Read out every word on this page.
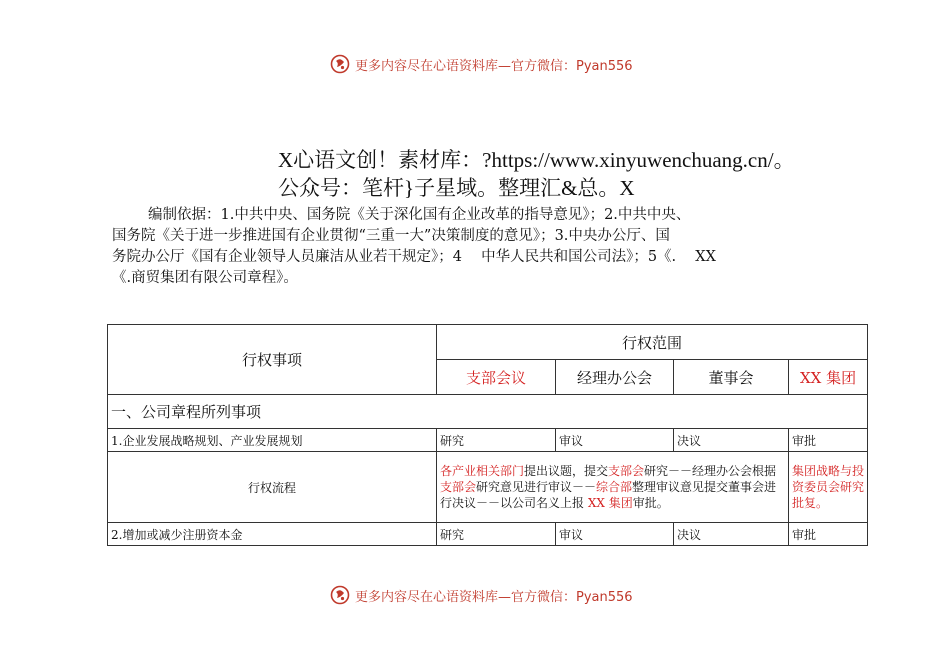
更多内容尽在心语资料库—官方微信：Pyan556
X心语文创！素材库：?https://www.xinyuwenchuang.cn/。
公众号：笔杆}子星域。整理汇&总。X
编制依据：1.中共中央、国务院《关于深化国有企业改革的指导意见》；2.中共中央、
国务院《关于进一步推进国有企业贯彻“三重一大”决策制度的意见》；3.中央办公厅、国
务院办公厅《国有企业领导人员廉洁从业若干规定》；4　 中华人民共和国公司法》；5《.　 XX
《.商贸集团有限公司章程》。
行权事项	行权范围			
	支部会议	经理办公会	董事会	XX 集团
一、公司章程所列事项				
1.企业发展战略规划、产业发展规划	研究	审议	决议	审批
行权流程	各产业相关部门提出议题，提交支部会研究－－经理办公会根据支部会研究意见进行审议－－综合部整理审议意见提交董事会进行决议－－以公司名义上报 XX 集团审批。			集团战略与投资委员会研究批复。
2.增加或减少注册资本金	研究	审议	决议	审批
更多内容尽在心语资料库—官方微信：Pyan556
